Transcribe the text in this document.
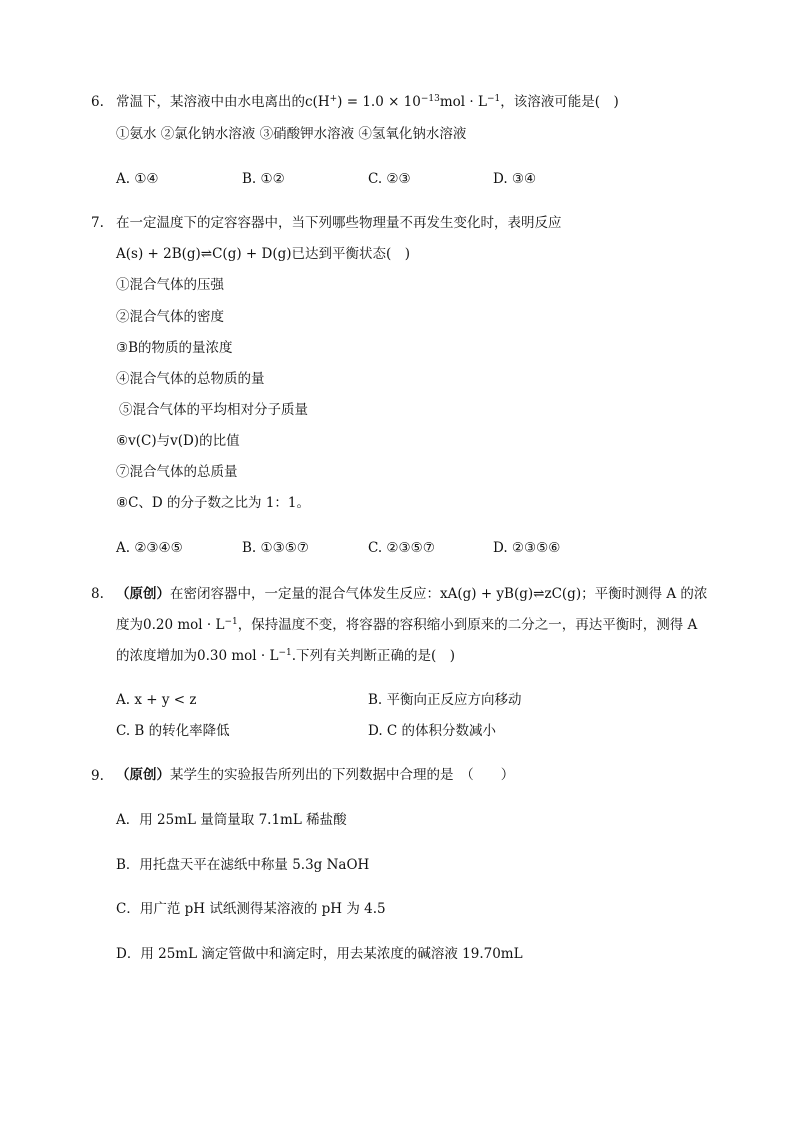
6. 常温下，某溶液中由水电离出的$c(H^+) = 1.0 \times 10^{-13}mol \cdot L^{-1}$，该溶液可能是(　)
①氨水 ②氯化钠水溶液 ③硝酸钾水溶液 ④氢氧化钠水溶液
A. ①④	B. ①②	C. ②③	D. ③④
7. 在一定温度下的定容容器中，当下列哪些物理量不再发生变化时，表明反应
A(s) + 2B(g)⇌C(g) + D(g)已达到平衡状态(　)
①混合气体的压强
②混合气体的密度
③B的物质的量浓度
④混合气体的总物质的量
⑤混合气体的平均相对分子质量
⑥v(C)与v(D)的比值
⑦混合气体的总质量
⑧C、D 的分子数之比为 1：1。
A. ②③④⑤	B. ①③⑤⑦	C. ②③⑤⑦	D. ②③⑤⑥
8. （原创）在密闭容器中，一定量的混合气体发生反应：xA(g) + yB(g)⇌zC(g)；平衡时测得 A 的浓
度为0.20 mol · $L^{-1}$，保持温度不变，将容器的容积缩小到原来的二分之一，再达平衡时，测得 A
的浓度增加为0.30 mol · $L^{-1}$.下列有关判断正确的是(　)
A. x + y < z	B. 平衡向正反应方向移动
C. B 的转化率降低	D. C 的体积分数减小
9. （原创）某学生的实验报告所列出的下列数据中合理的是　（　　）
A．用 25mL 量筒量取 7.1mL 稀盐酸
B．用托盘天平在滤纸中称量 5.3g NaOH
C．用广范 pH 试纸测得某溶液的 pH 为 4.5
D．用 25mL 滴定管做中和滴定时，用去某浓度的碱溶液 19.70mL
